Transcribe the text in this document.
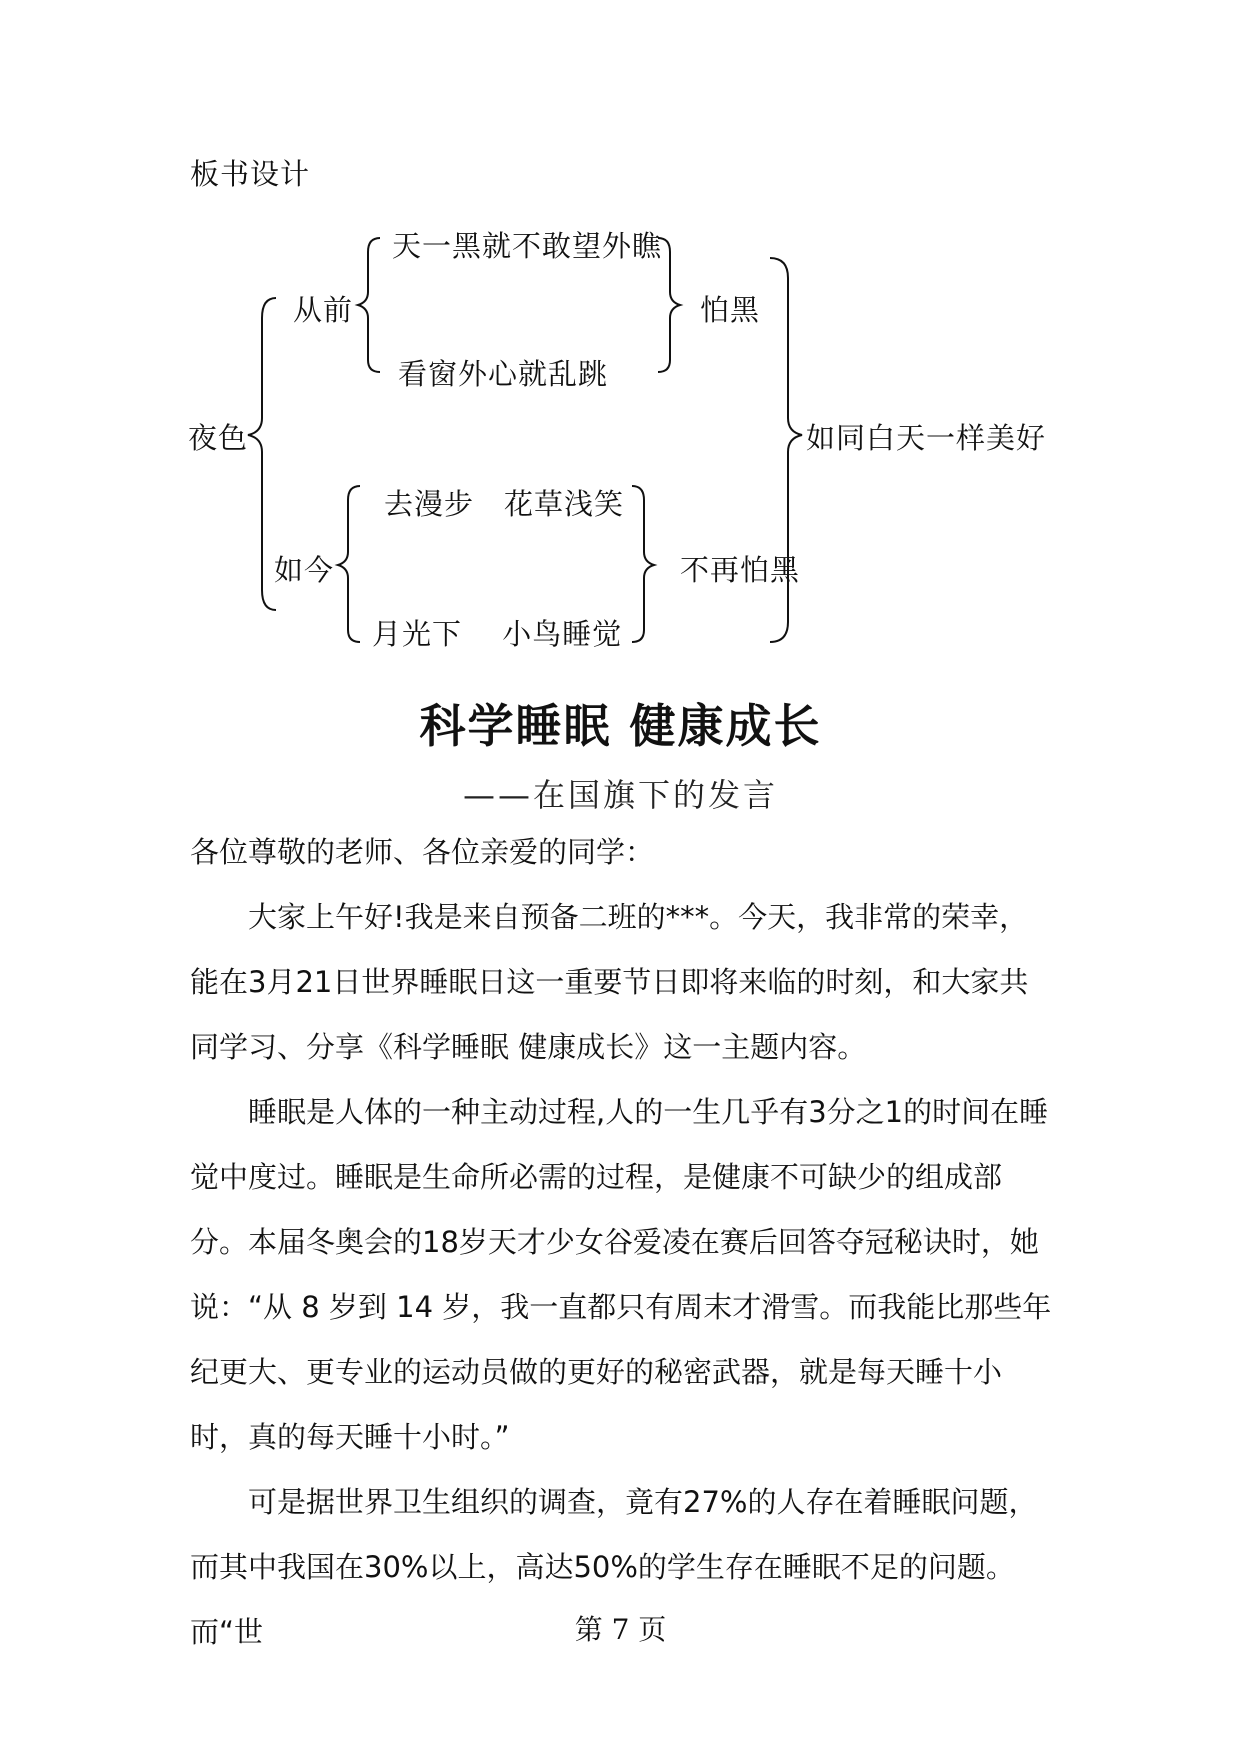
板书设计
天一黑就不敢望外瞧
从前	怕黑
看窗外心就乱跳
夜色	如同白天一样美好
去漫步　花草浅笑
如今	不再怕黑
月光下　 小鸟睡觉
科学睡眠 健康成长
——在国旗下的发言

各位尊敬的老师、各位亲爱的同学：

大家上午好!我是来自预备二班的***。今天，我非常的荣幸，能在3月21日世界睡眠日这一重要节日即将来临的时刻，和大家共同学习、分享《科学睡眠 健康成长》这一主题内容。

睡眠是人体的一种主动过程,人的一生几乎有3分之1的时间在睡觉中度过。睡眠是生命所必需的过程，是健康不可缺少的组成部分。本届冬奥会的18岁天才少女谷爱凌在赛后回答夺冠秘诀时，她说：“从 8 岁到 14 岁，我一直都只有周末才滑雪。而我能比那些年纪更大、更专业的运动员做的更好的秘密武器，就是每天睡十小时，真的每天睡十小时。”

可是据世界卫生组织的调查，竟有27%的人存在着睡眠问题，而其中我国在30%以上，高达50%的学生存在睡眠不足的问题。而“世	第 7 页
